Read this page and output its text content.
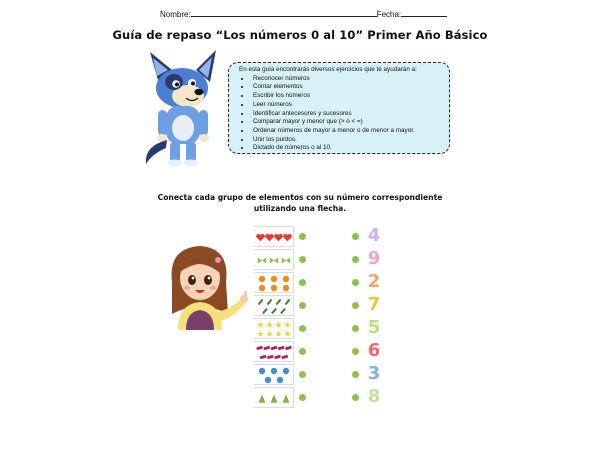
Nombre:	Fecha:
Guía de repaso “Los números 0 al 10” Primer Año Básico

En esta guía encontrarás diversos ejercicios que te ayudarán a:

• Reconocer números
• Contar elementos
• Escribir los números
• Leer números
• Identificar antecesores y sucesores
• Comparar mayor y menor que (> o < =)
• Ordenar números de mayor a menor o de menor a mayor.
• Unir los puntos.
• Dictado de números o al 10.
Conecta cada grupo de elementos con su número correspondiente
utilizando una flecha.
4
9
2
7
5
6
3
8
